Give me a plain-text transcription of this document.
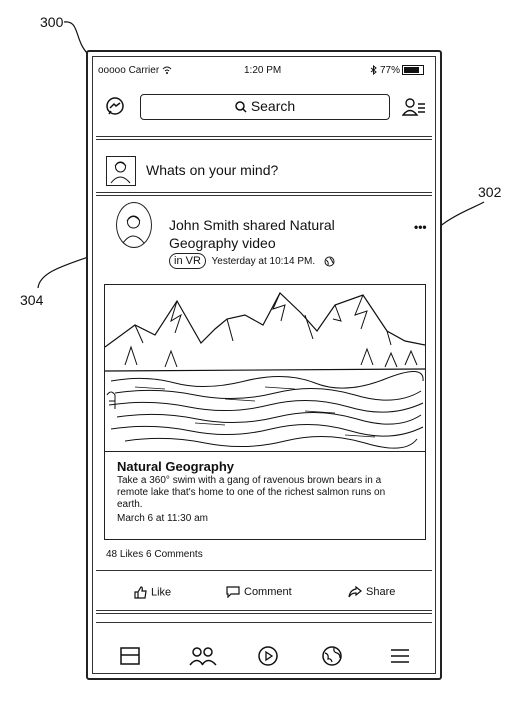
300
302
304
ooooo Carrier	1:20 PM	77%
Search
Whats on your mind?
John Smith shared Natural
Geography video
in VR Yesterday at 10:14 PM.
•••
Natural Geography
Take a 360° swim with a gang of ravenous brown bears in a remote lake that's home to one of the richest salmon runs on earth.
March 6 at 11:30 am
48 Likes 6 Comments
Like	Comment	Share
